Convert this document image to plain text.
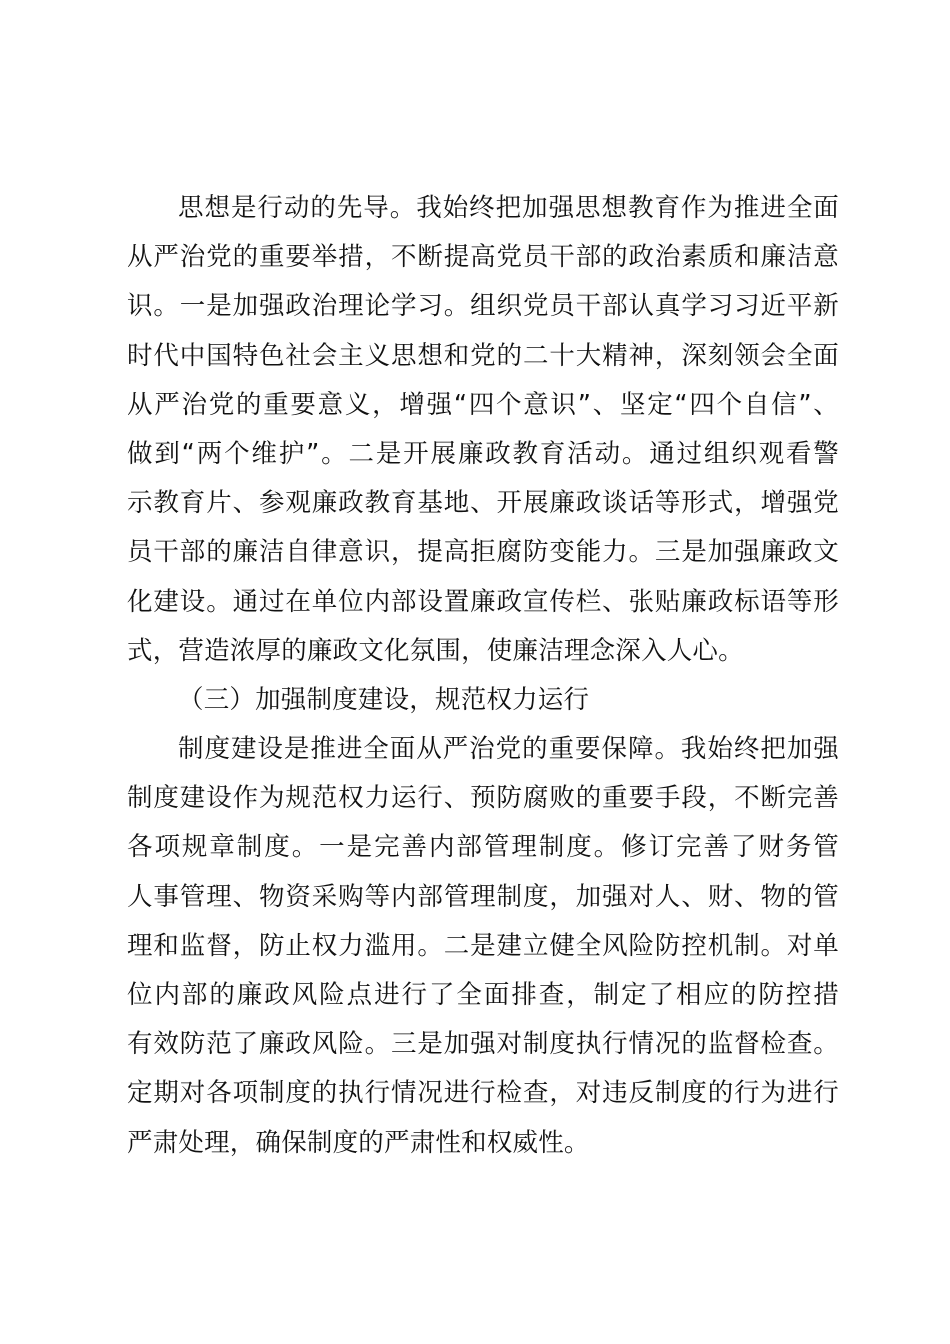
思想是行动的先导。我始终把加强思想教育作为推进全面
从严治党的重要举措，不断提高党员干部的政治素质和廉洁意
识。一是加强政治理论学习。组织党员干部认真学习习近平新
时代中国特色社会主义思想和党的二十大精神，深刻领会全面
从严治党的重要意义，增强“四个意识”、坚定“四个自信”、
做到“两个维护”。二是开展廉政教育活动。通过组织观看警
示教育片、参观廉政教育基地、开展廉政谈话等形式，增强党
员干部的廉洁自律意识，提高拒腐防变能力。三是加强廉政文
化建设。通过在单位内部设置廉政宣传栏、张贴廉政标语等形
式，营造浓厚的廉政文化氛围，使廉洁理念深入人心。
（三）加强制度建设，规范权力运行
制度建设是推进全面从严治党的重要保障。我始终把加强
制度建设作为规范权力运行、预防腐败的重要手段，不断完善
各项规章制度。一是完善内部管理制度。修订完善了财务管
人事管理、物资采购等内部管理制度，加强对人、财、物的管
理和监督，防止权力滥用。二是建立健全风险防控机制。对单
位内部的廉政风险点进行了全面排查，制定了相应的防控措
有效防范了廉政风险。三是加强对制度执行情况的监督检查。
定期对各项制度的执行情况进行检查，对违反制度的行为进行
严肃处理，确保制度的严肃性和权威性。
